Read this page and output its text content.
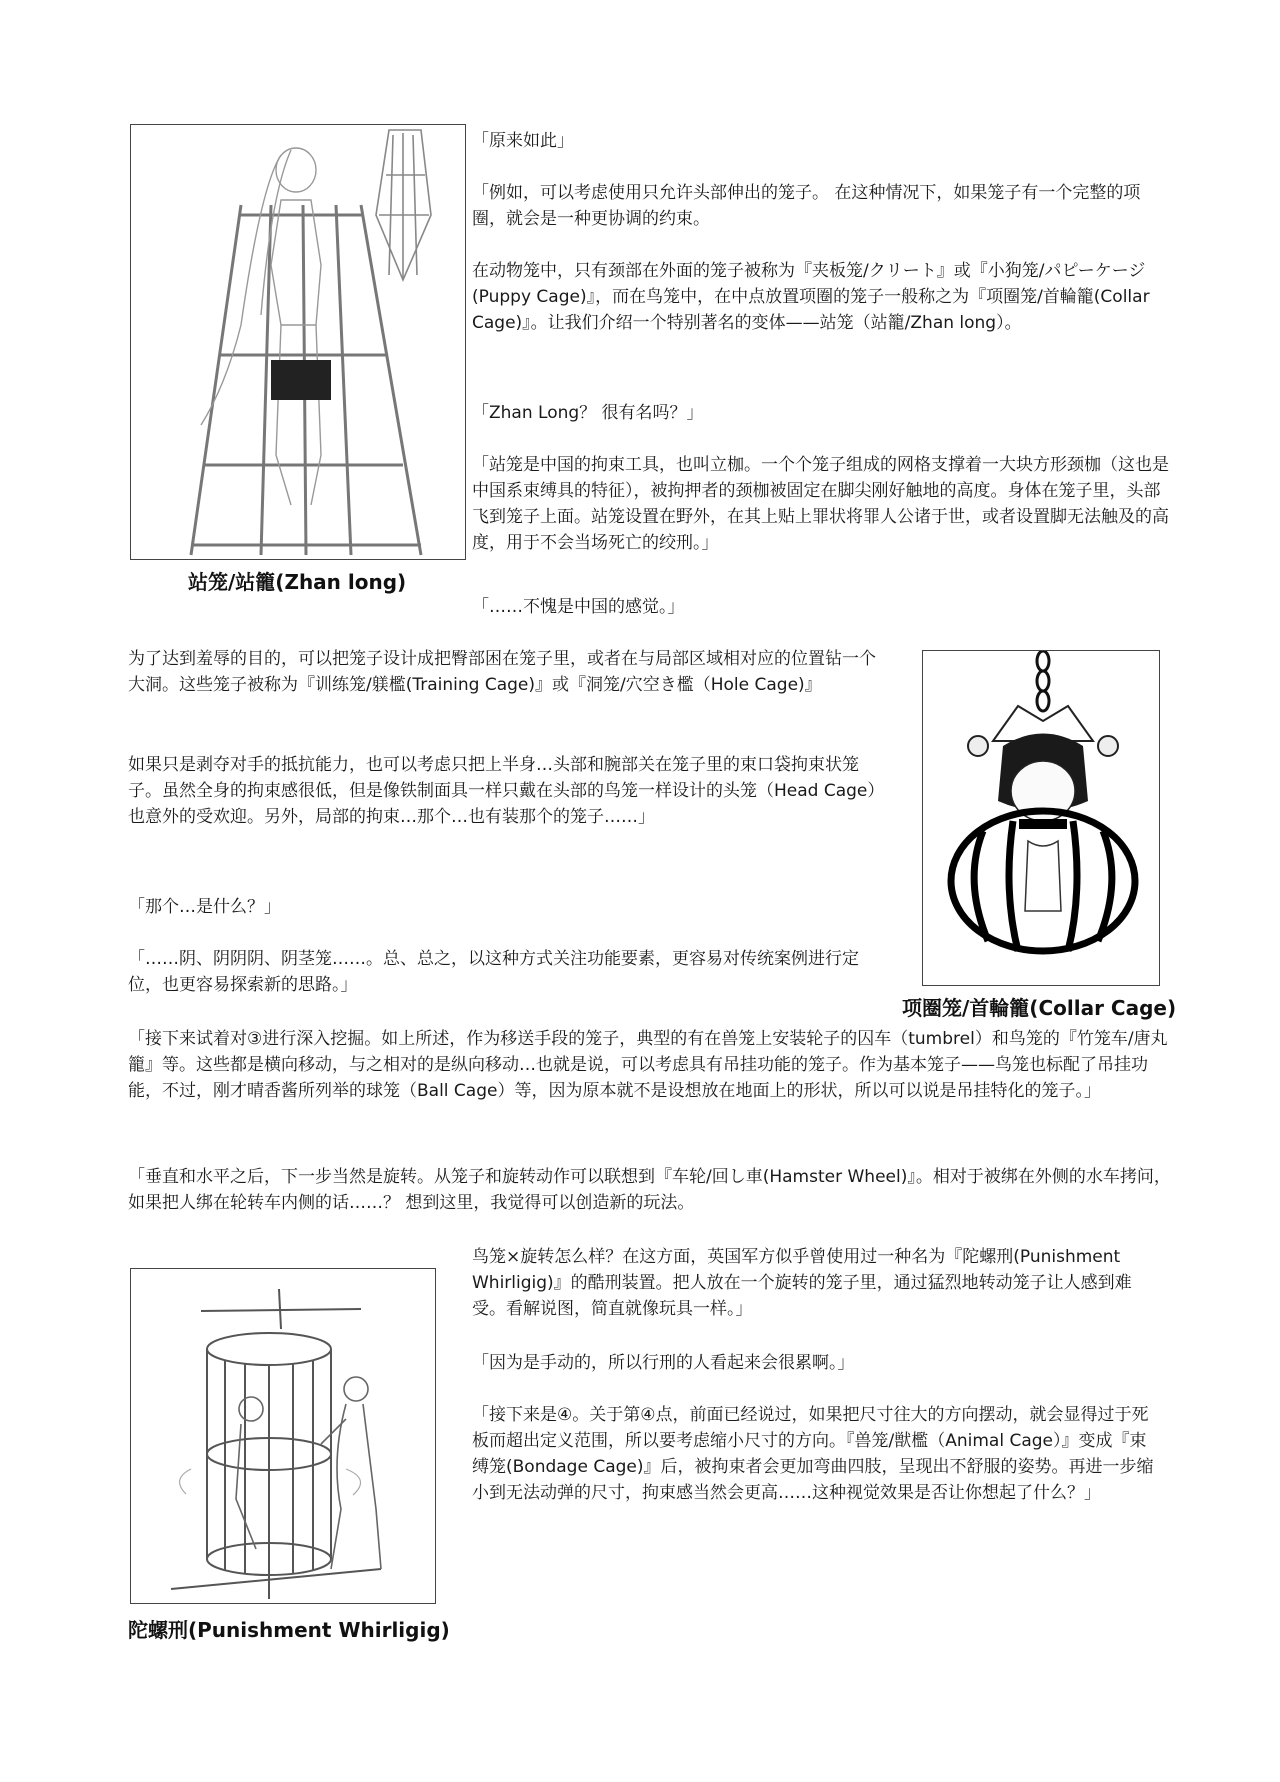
站笼/站籠(Zhan long)

「原来如此」

「例如，可以考虑使用只允许头部伸出的笼子。 在这种情况下，如果笼子有一个完整的项圈，就会是一种更协调的约束。

在动物笼中，只有颈部在外面的笼子被称为『夹板笼/クリート』或『小狗笼/パピーケージ(Puppy Cage)』，而在鸟笼中，在中点放置项圈的笼子一般称之为『项圈笼/首輪籠(Collar Cage)』。让我们介绍一个特别著名的变体——站笼（站籠/Zhan long）。

「Zhan Long？ 很有名吗？」

「站笼是中国的拘束工具，也叫立枷。一个个笼子组成的网格支撑着一大块方形颈枷（这也是中国系束缚具的特征），被拘押者的颈枷被固定在脚尖刚好触地的高度。身体在笼子里，头部飞到笼子上面。站笼设置在野外，在其上贴上罪状将罪人公诸于世，或者设置脚无法触及的高度，用于不会当场死亡的绞刑。」

「……不愧是中国的感觉。」

项圈笼/首輪籠(Collar Cage)

为了达到羞辱的目的，可以把笼子设计成把臀部困在笼子里，或者在与局部区域相对应的位置钻一个大洞。这些笼子被称为『训练笼/躾檻(Training Cage)』或『洞笼/穴空き檻（Hole Cage)』

如果只是剥夺对手的抵抗能力，也可以考虑只把上半身…头部和腕部关在笼子里的束口袋拘束状笼子。虽然全身的拘束感很低，但是像铁制面具一样只戴在头部的鸟笼一样设计的头笼（Head Cage）也意外的受欢迎。另外，局部的拘束…那个…也有装那个的笼子……」

「那个…是什么？」

「……阴、阴阴阴、阴茎笼……。总、总之，以这种方式关注功能要素，更容易对传统案例进行定位，也更容易探索新的思路。」

「接下来试着对③进行深入挖掘。如上所述，作为移送手段的笼子，典型的有在兽笼上安装轮子的囚车（tumbrel）和鸟笼的『竹笼车/唐丸籠』等。这些都是横向移动，与之相对的是纵向移动…也就是说，可以考虑具有吊挂功能的笼子。作为基本笼子——鸟笼也标配了吊挂功能，不过，刚才晴香酱所列举的球笼（Ball Cage）等，因为原本就不是设想放在地面上的形状，所以可以说是吊挂特化的笼子。」

「垂直和水平之后，下一步当然是旋转。从笼子和旋转动作可以联想到『车轮/回し車(Hamster Wheel)』。相对于被绑在外侧的水车拷问，如果把人绑在轮转车内侧的话……？ 想到这里，我觉得可以创造新的玩法。

陀螺刑(Punishment Whirligig)

鸟笼×旋转怎么样？在这方面，英国军方似乎曾使用过一种名为『陀螺刑(Punishment Whirligig)』的酷刑装置。把人放在一个旋转的笼子里，通过猛烈地转动笼子让人感到难受。看解说图，简直就像玩具一样。」

「因为是手动的，所以行刑的人看起来会很累啊。」

「接下来是④。关于第④点，前面已经说过，如果把尺寸往大的方向摆动，就会显得过于死板而超出定义范围，所以要考虑缩小尺寸的方向。『兽笼/獣檻（Animal Cage）』变成『束缚笼(Bondage Cage)』后，被拘束者会更加弯曲四肢，呈现出不舒服的姿势。再进一步缩小到无法动弹的尺寸，拘束感当然会更高……这种视觉效果是否让你想起了什么？」
